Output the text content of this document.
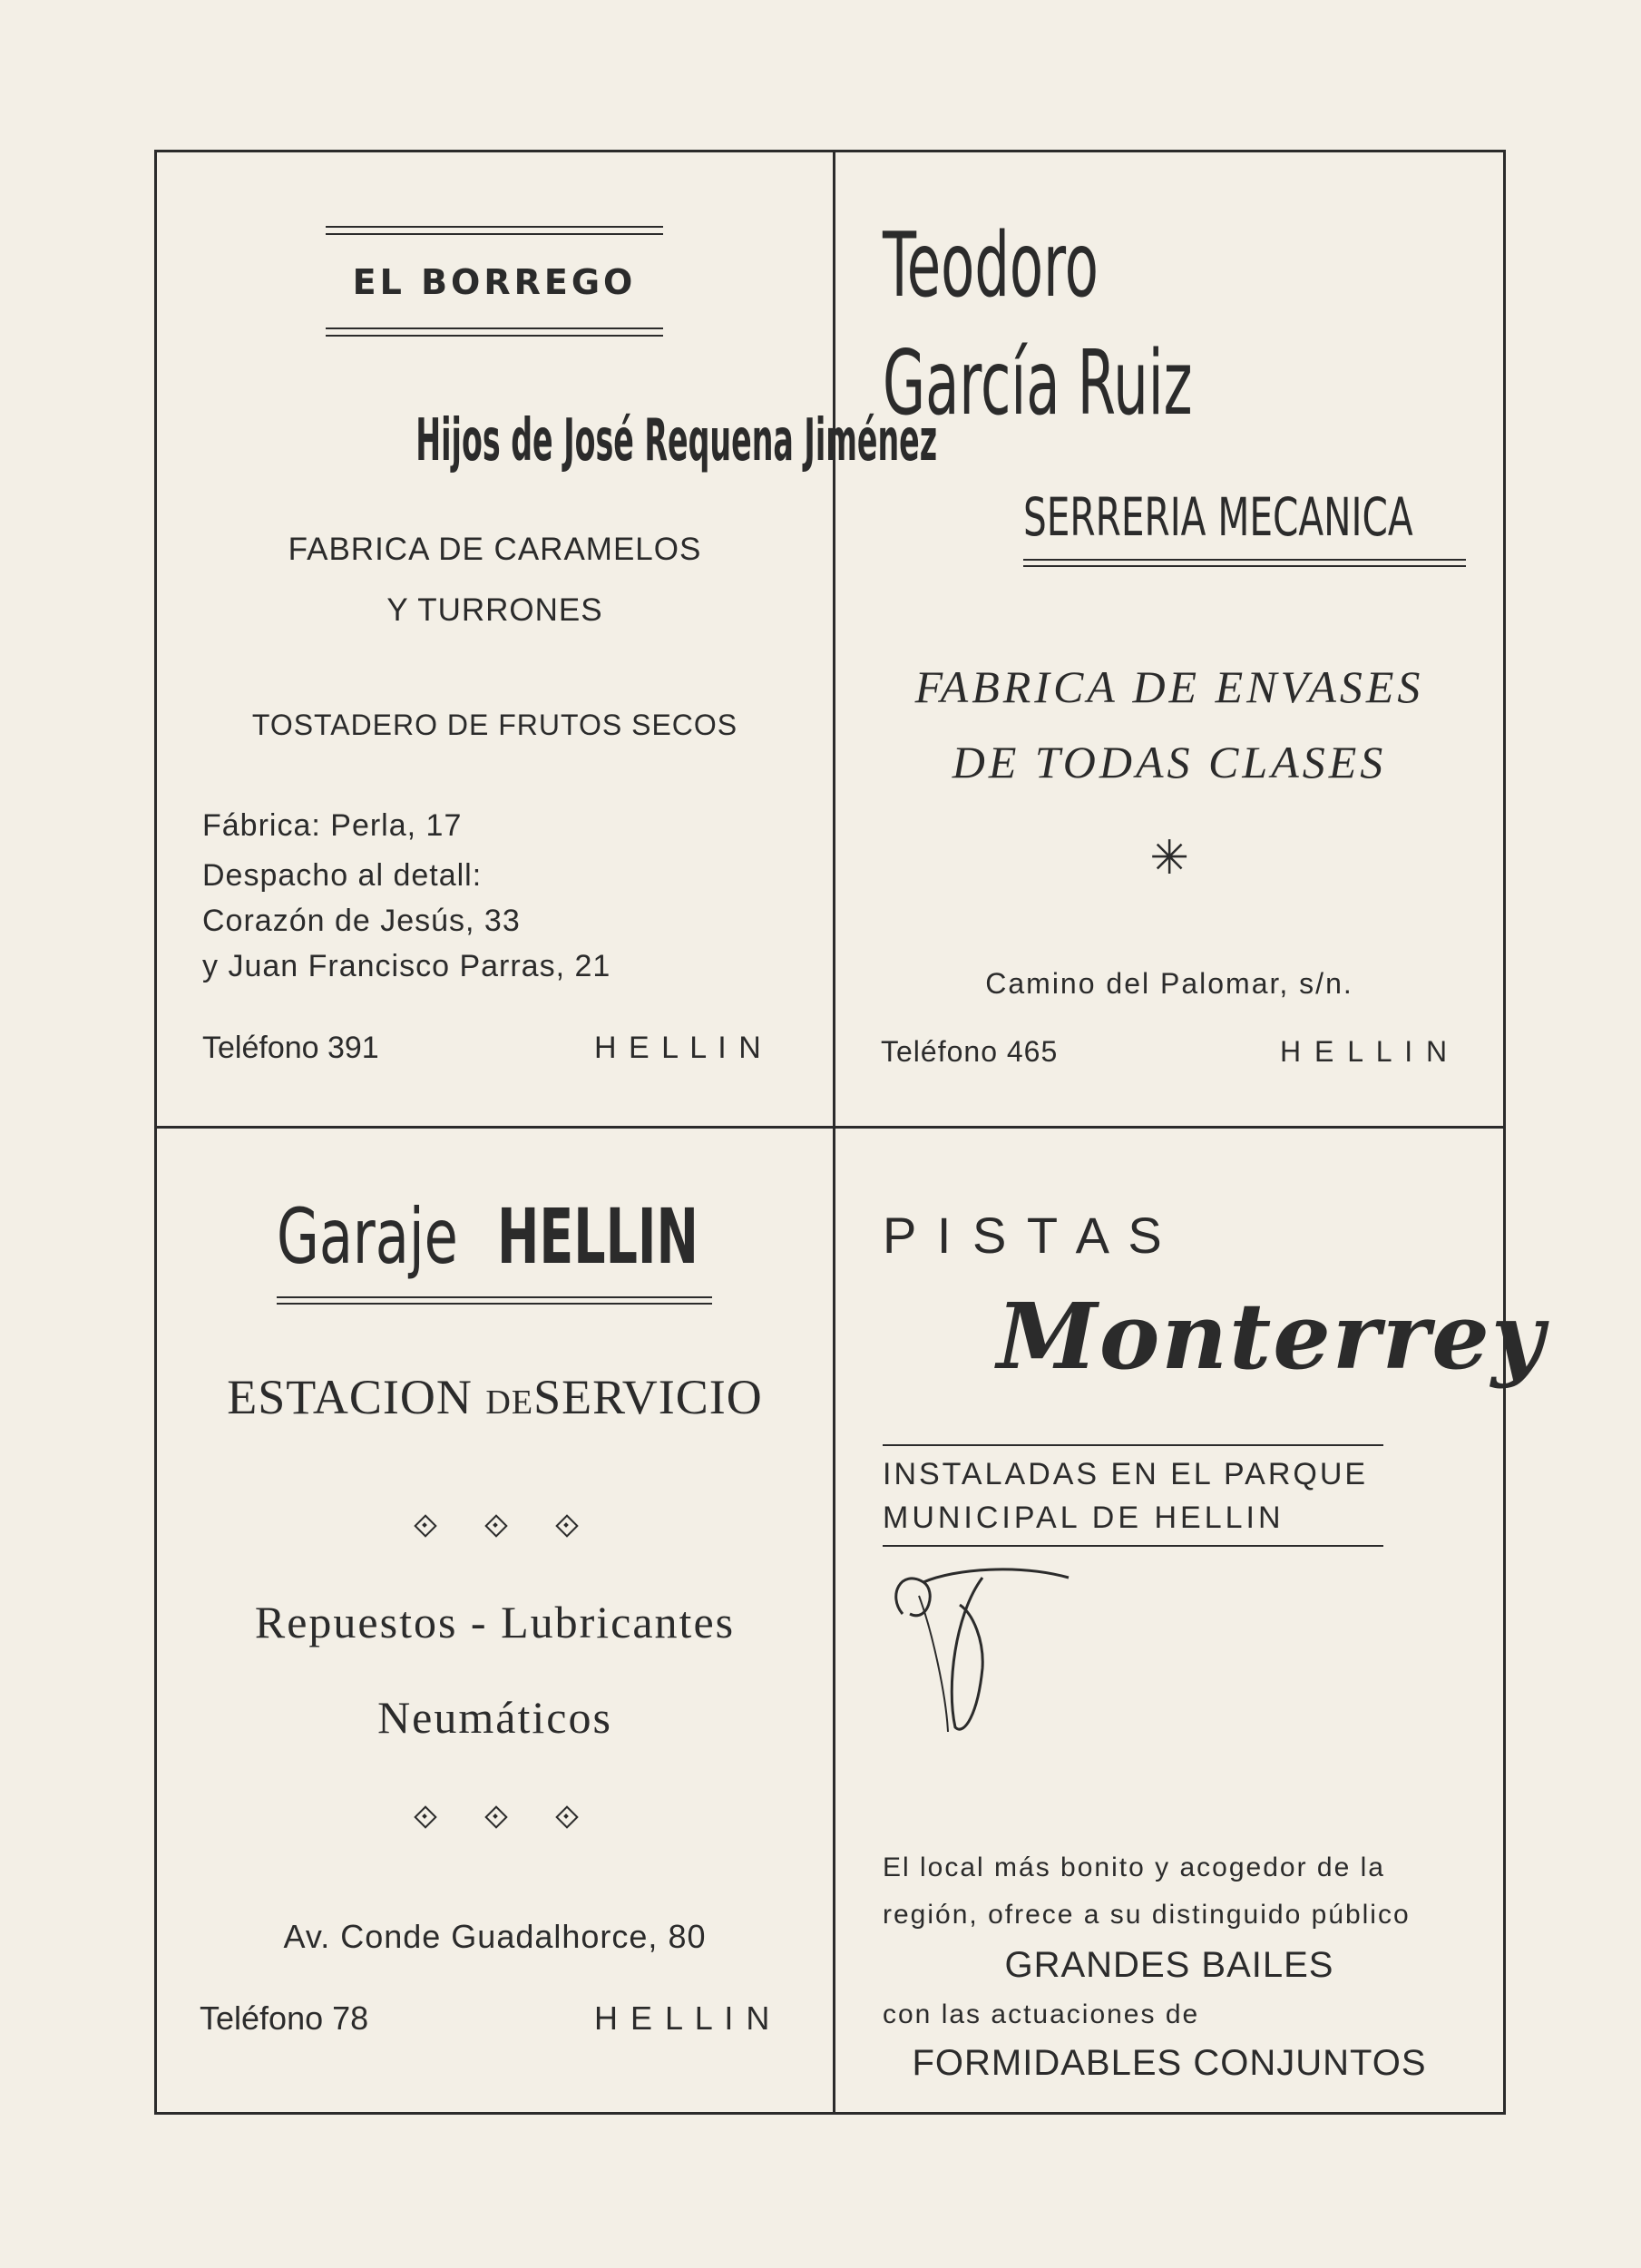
EL BORREGO
Hijos de José Requena Jiménez
FABRICA DE CARAMELOS
Y TURRONES
TOSTADERO DE FRUTOS SECOS
Fábrica: Perla, 17
Despacho al detall:
Corazón de Jesús, 33
y Juan Francisco Parras, 21
Teléfono 391	H E L L I N
Teodoro
García Ruiz
SERRERIA MECANICA
FABRICA DE ENVASES
DE TODAS CLASES
✳
Camino del Palomar, s/n.
Teléfono 465	H E L L I N
Garaje HELLIN
ESTACION DESERVICIO
Repuestos - Lubricantes
Neumáticos
Av. Conde Guadalhorce, 80
Teléfono 78	H E L L I N
P I S T A S
Monterrey
INSTALADAS EN EL PARQUE
MUNICIPAL DE HELLIN
El local más bonito y acogedor de la
región, ofrece a su distinguido público
GRANDES BAILES
con las actuaciones de
FORMIDABLES CONJUNTOS
